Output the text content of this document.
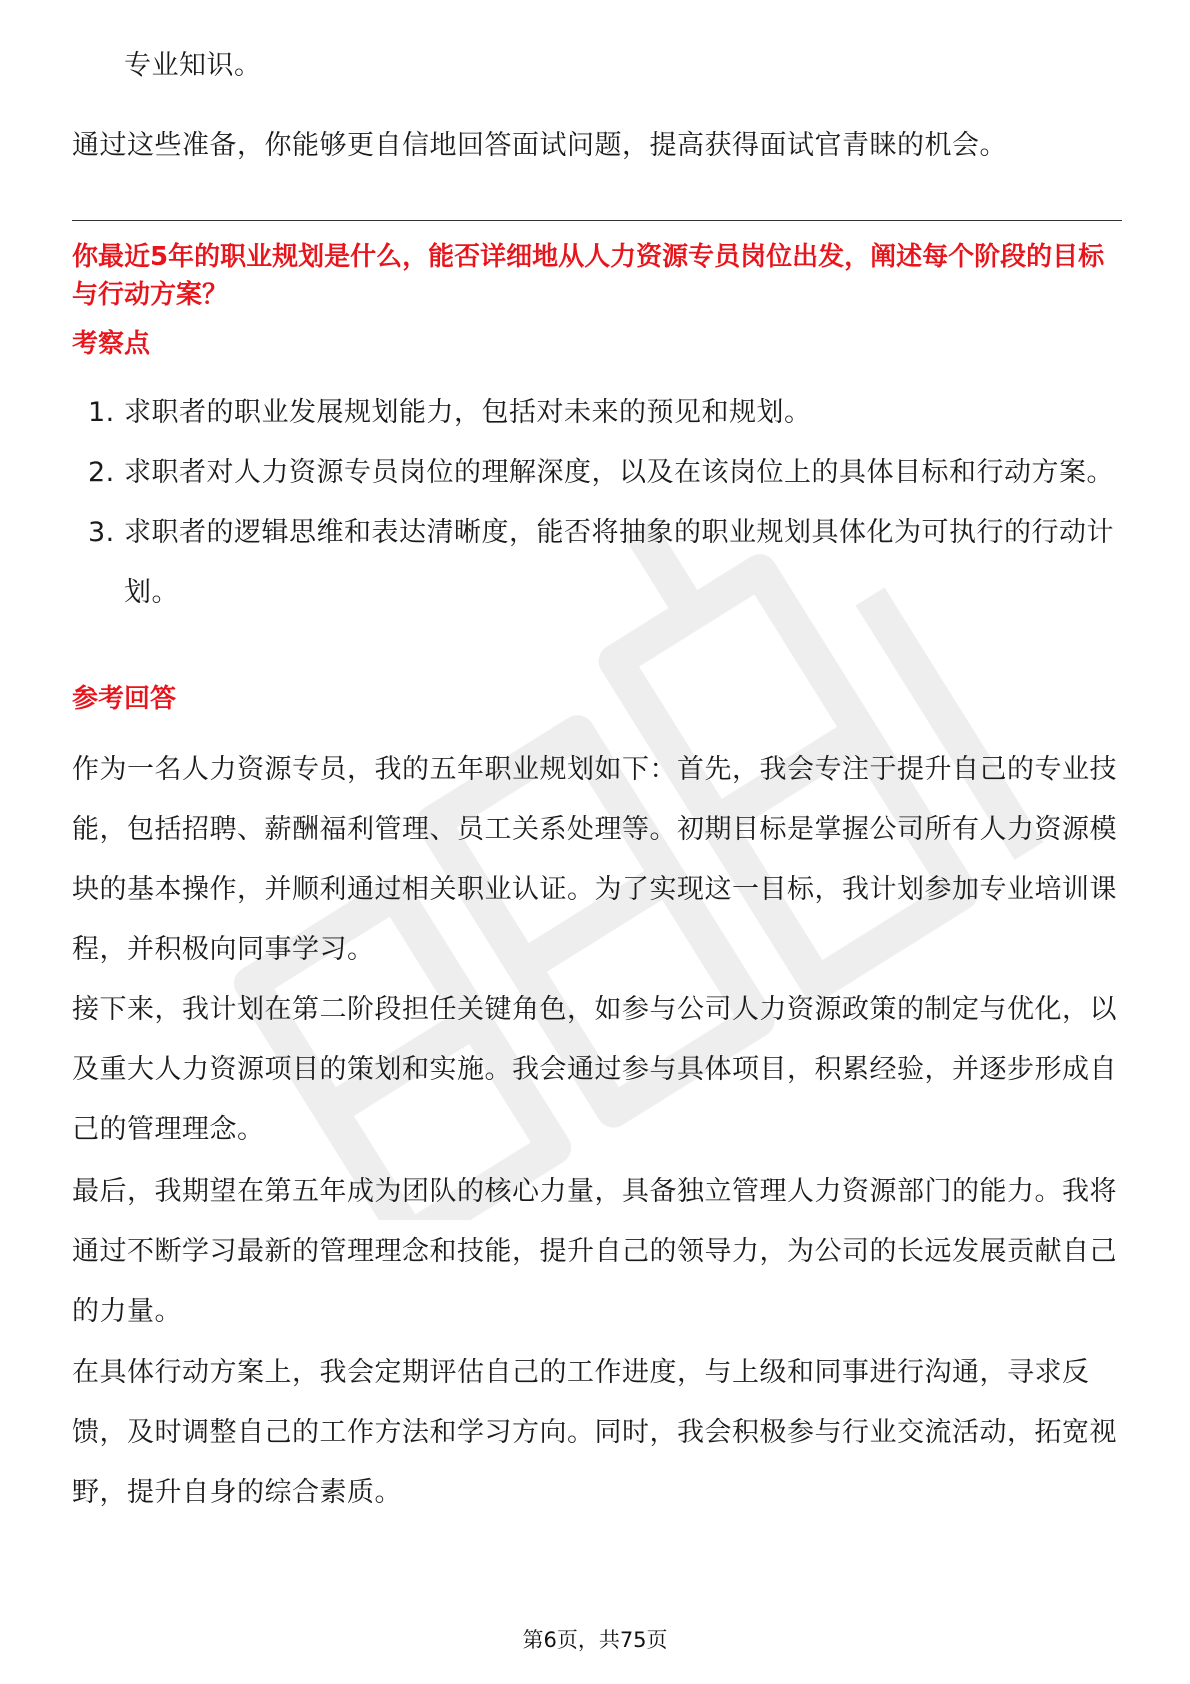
专业知识。

通过这些准备，你能够更自信地回答面试问题，提高获得面试官青睐的机会。

你最近5年的职业规划是什么，能否详细地从人力资源专员岗位出发，阐述每个阶段的目标与行动方案？

考察点

1. 求职者的职业发展规划能力，包括对未来的预见和规划。
2. 求职者对人力资源专员岗位的理解深度，以及在该岗位上的具体目标和行动方案。
3. 求职者的逻辑思维和表达清晰度，能否将抽象的职业规划具体化为可执行的行动计划。

参考回答

作为一名人力资源专员，我的五年职业规划如下：首先，我会专注于提升自己的专业技能，包括招聘、薪酬福利管理、员工关系处理等。初期目标是掌握公司所有人力资源模块的基本操作，并顺利通过相关职业认证。为了实现这一目标，我计划参加专业培训课程，并积极向同事学习。

接下来，我计划在第二阶段担任关键角色，如参与公司人力资源政策的制定与优化，以及重大人力资源项目的策划和实施。我会通过参与具体项目，积累经验，并逐步形成自己的管理理念。

最后，我期望在第五年成为团队的核心力量，具备独立管理人力资源部门的能力。我将通过不断学习最新的管理理念和技能，提升自己的领导力，为公司的长远发展贡献自己的力量。

在具体行动方案上，我会定期评估自己的工作进度，与上级和同事进行沟通，寻求反馈，及时调整自己的工作方法和学习方向。同时，我会积极参与行业交流活动，拓宽视野，提升自身的综合素质。

第6页，共75页
